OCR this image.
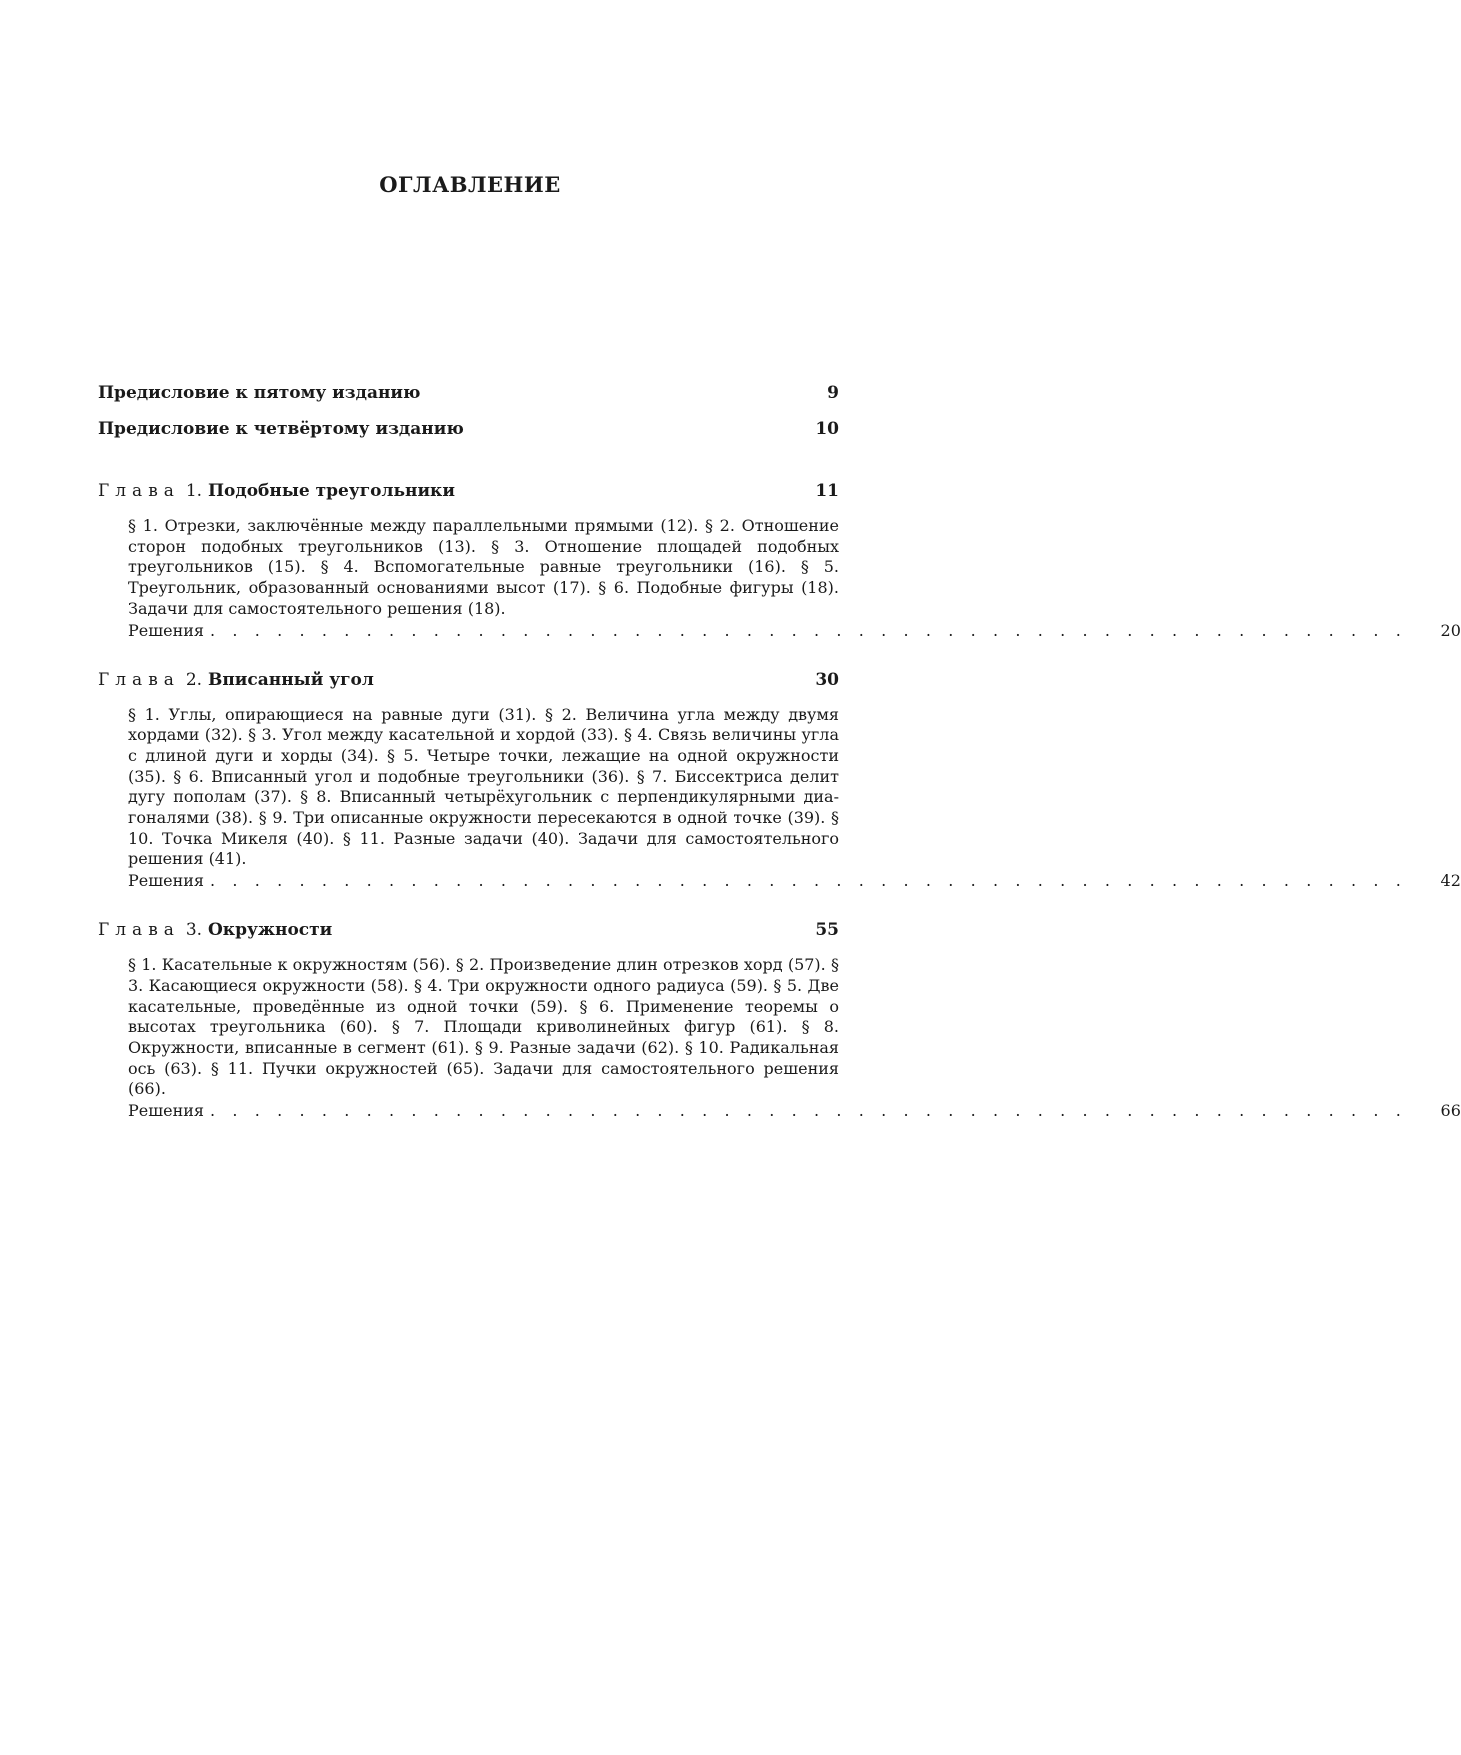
ОГЛАВЛЕНИЕ
Предисловие к пятому изданию	9
Предисловие к четвёртому изданию	10
Глава 1. Подобные треугольники	11

§ 1. Отрезки, заключённые между параллельными прямыми (12). § 2. Отношение сторон подобных треугольников (13). § 3. Отношение площадей подобных треугольников (15). § 4. Вспомогательные равные треугольники (16). § 5. Треугольник, образованный основаниями высот (17). § 6. Подобные фигуры (18). Задачи для самостоятельного решения (18).

Решения . . . . . . . . . . . . . . . . . . . . . . . . . . . . . . . . . . . . . . . . . . . . . . . . . . . . . .	20
Глава 2. Вписанный угол	30

§ 1. Углы, опирающиеся на равные дуги (31). § 2. Величина угла между двумя хордами (32). § 3. Угол между касательной и хордой (33). § 4. Связь величины угла с длиной дуги и хорды (34). § 5. Четыре точки, лежащие на одной окружности (35). § 6. Вписанный угол и подобные треугольники (36). § 7. Биссектриса делит дугу пополам (37). § 8. Вписанный четырёхугольник с перпендикулярными диагоналями (38). § 9. Три описанные окружности пересекаются в одной точке (39). § 10. Точка Микеля (40). § 11. Разные задачи (40). Задачи для самостоятельного решения (41).

Решения . . . . . . . . . . . . . . . . . . . . . . . . . . . . . . . . . . . . . . . . . . . . . . . . . . . . . .	42
Глава 3. Окружности	55

§ 1. Касательные к окружностям (56). § 2. Произведение длин отрезков хорд (57). § 3. Касающиеся окружности (58). § 4. Три окружности одного радиуса (59). § 5. Две касательные, проведённые из одной точки (59). § 6. Применение теоремы о высотах треугольника (60). § 7. Площади криволинейных фигур (61). § 8. Окружности, вписанные в сегмент (61). § 9. Разные задачи (62). § 10. Радикальная ось (63). § 11. Пучки окружностей (65). Задачи для самостоятельного решения (66).

Решения . . . . . . . . . . . . . . . . . . . . . . . . . . . . . . . . . . . . . . . . . . . . . . . . . . . . . .	66
